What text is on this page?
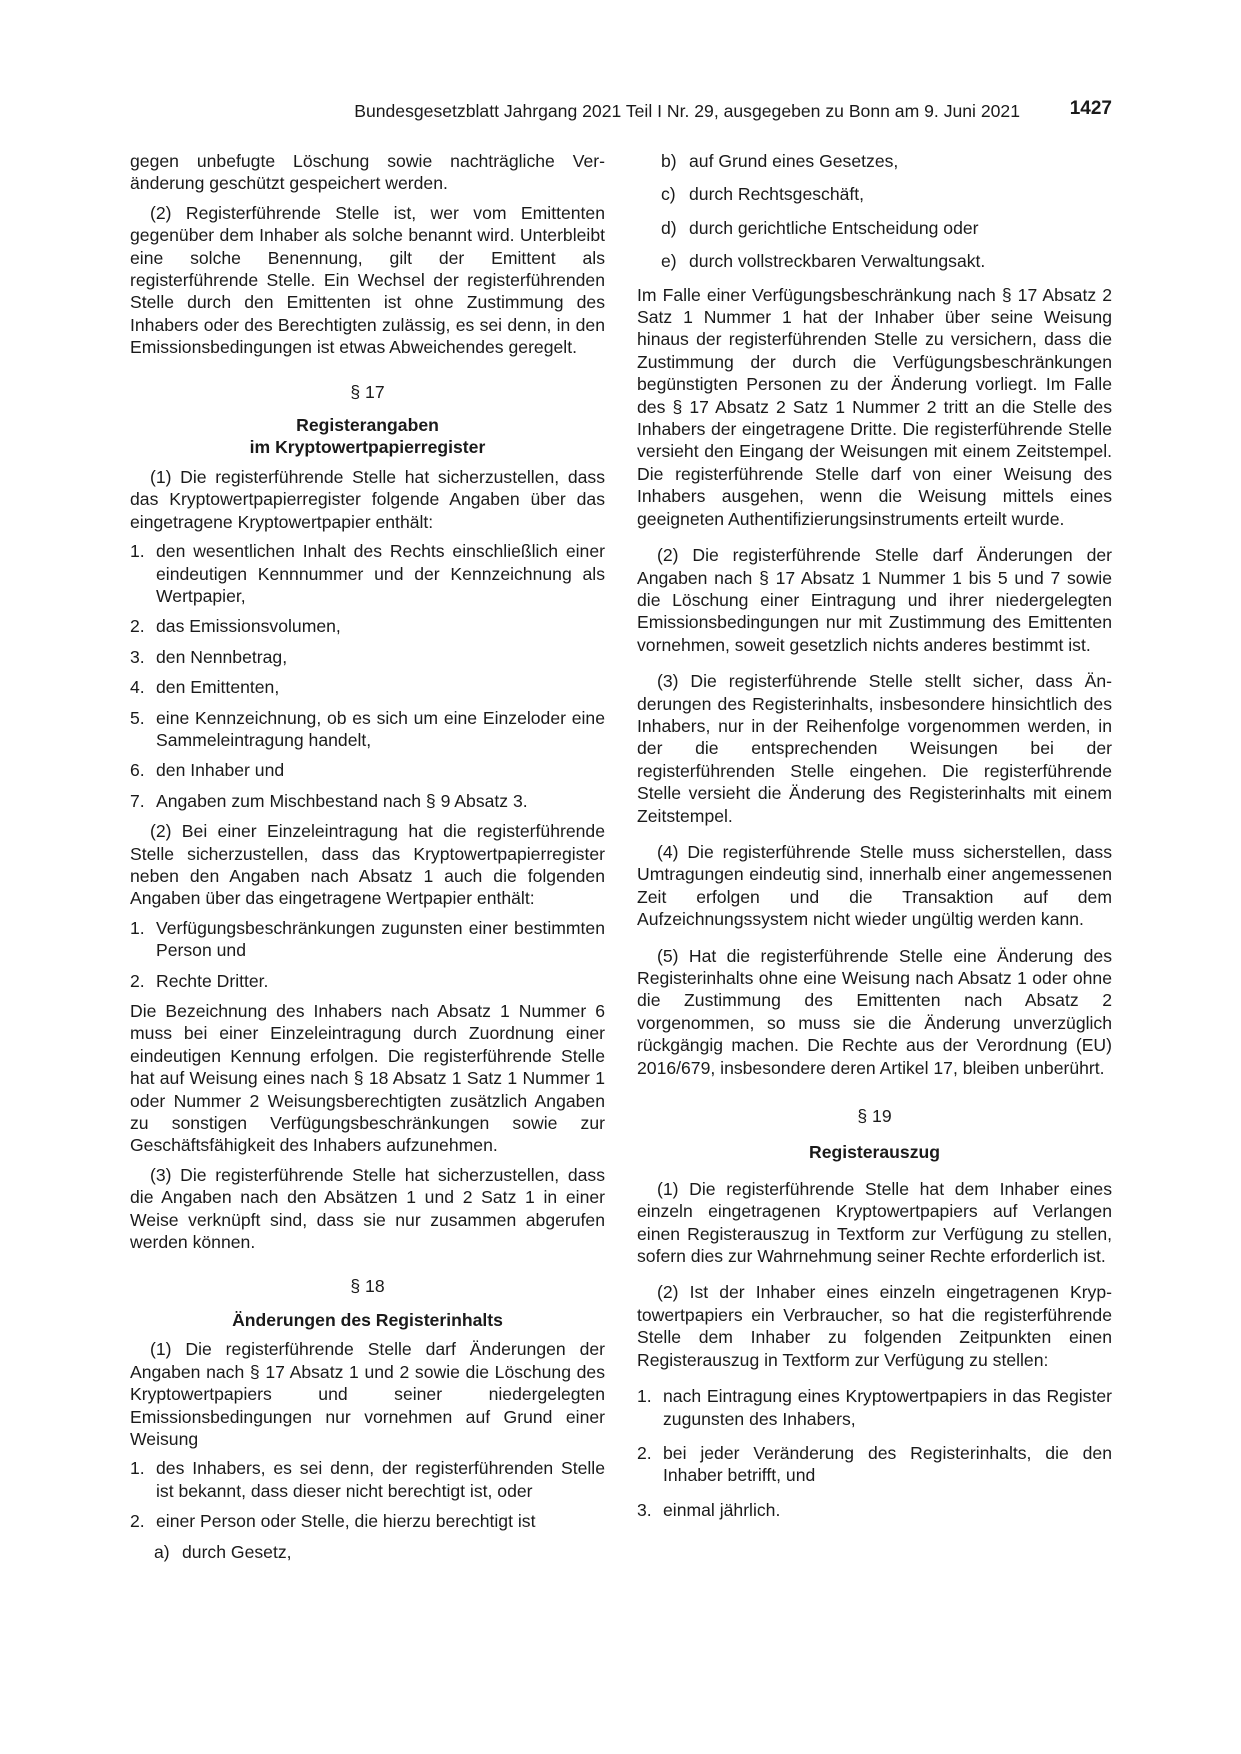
Bundesgesetzblatt Jahrgang 2021 Teil I Nr. 29, ausgegeben zu Bonn am 9. Juni 2021	1427

gegen unbefugte Löschung sowie nachträgliche Veränderung geschützt gespeichert werden.

(2) Registerführende Stelle ist, wer vom Emittenten gegenüber dem Inhaber als solche benannt wird. Unterbleibt eine solche Benennung, gilt der Emittent als registerführende Stelle. Ein Wechsel der registerführenden Stelle durch den Emittenten ist ohne Zustimmung des Inhabers oder des Berechtigten zulässig, es sei denn, in den Emissionsbedingungen ist etwas Abweichendes geregelt.

§ 17
Registerangaben
im Kryptowertpapierregister

(1) Die registerführende Stelle hat sicherzustellen, dass das Kryptowertpapierregister folgende Angaben über das eingetragene Kryptowertpapier enthält:

1. den wesentlichen Inhalt des Rechts einschließlich einer eindeutigen Kennnummer und der Kennzeichnung als Wertpapier,
2. das Emissionsvolumen,
3. den Nennbetrag,
4. den Emittenten,
5. eine Kennzeichnung, ob es sich um eine Einzeloder eine Sammeleintragung handelt,
6. den Inhaber und
7. Angaben zum Mischbestand nach § 9 Absatz 3.

(2) Bei einer Einzeleintragung hat die registerführende Stelle sicherzustellen, dass das Kryptowertpapierregister neben den Angaben nach Absatz 1 auch die folgenden Angaben über das eingetragene Wertpapier enthält:

1. Verfügungsbeschränkungen zugunsten einer bestimmten Person und
2. Rechte Dritter.

Die Bezeichnung des Inhabers nach Absatz 1 Nummer 6 muss bei einer Einzeleintragung durch Zuordnung einer eindeutigen Kennung erfolgen. Die registerführende Stelle hat auf Weisung eines nach § 18 Absatz 1 Satz 1 Nummer 1 oder Nummer 2 Weisungsberechtigten zusätzlich Angaben zu sonstigen Verfügungsbeschränkungen sowie zur Geschäftsfähigkeit des Inhabers aufzunehmen.

(3) Die registerführende Stelle hat sicherzustellen, dass die Angaben nach den Absätzen 1 und 2 Satz 1 in einer Weise verknüpft sind, dass sie nur zusammen abgerufen werden können.

§ 18
Änderungen des Registerinhalts

(1) Die registerführende Stelle darf Änderungen der Angaben nach § 17 Absatz 1 und 2 sowie die Löschung des Kryptowertpapiers und seiner niedergelegten Emissionsbedingungen nur vornehmen auf Grund einer Weisung

1. des Inhabers, es sei denn, der registerführenden Stelle ist bekannt, dass dieser nicht berechtigt ist, oder
2. einer Person oder Stelle, die hierzu berechtigt ist
a) durch Gesetz,
b) auf Grund eines Gesetzes,
c) durch Rechtsgeschäft,
d) durch gerichtliche Entscheidung oder
e) durch vollstreckbaren Verwaltungsakt.

Im Falle einer Verfügungsbeschränkung nach § 17 Absatz 2 Satz 1 Nummer 1 hat der Inhaber über seine Weisung hinaus der registerführenden Stelle zu versichern, dass die Zustimmung der durch die Verfügungsbeschränkungen begünstigten Personen zu der Änderung vorliegt. Im Falle des § 17 Absatz 2 Satz 1 Nummer 2 tritt an die Stelle des Inhabers der eingetragene Dritte. Die registerführende Stelle versieht den Eingang der Weisungen mit einem Zeitstempel. Die registerführende Stelle darf von einer Weisung des Inhabers ausgehen, wenn die Weisung mittels eines geeigneten Authentifizierungsinstruments erteilt wurde.

(2) Die registerführende Stelle darf Änderungen der Angaben nach § 17 Absatz 1 Nummer 1 bis 5 und 7 sowie die Löschung einer Eintragung und ihrer niedergelegten Emissionsbedingungen nur mit Zustimmung des Emittenten vornehmen, soweit gesetzlich nichts anderes bestimmt ist.

(3) Die registerführende Stelle stellt sicher, dass Änderungen des Registerinhalts, insbesondere hinsichtlich des Inhabers, nur in der Reihenfolge vorgenommen werden, in der die entsprechenden Weisungen bei der registerführenden Stelle eingehen. Die registerführende Stelle versieht die Änderung des Registerinhalts mit einem Zeitstempel.

(4) Die registerführende Stelle muss sicherstellen, dass Umtragungen eindeutig sind, innerhalb einer angemessenen Zeit erfolgen und die Transaktion auf dem Aufzeichnungssystem nicht wieder ungültig werden kann.

(5) Hat die registerführende Stelle eine Änderung des Registerinhalts ohne eine Weisung nach Absatz 1 oder ohne die Zustimmung des Emittenten nach Absatz 2 vorgenommen, so muss sie die Änderung unverzüglich rückgängig machen. Die Rechte aus der Verordnung (EU) 2016/679, insbesondere deren Artikel 17, bleiben unberührt.

§ 19
Registerauszug

(1) Die registerführende Stelle hat dem Inhaber eines einzeln eingetragenen Kryptowertpapiers auf Verlangen einen Registerauszug in Textform zur Verfügung zu stellen, sofern dies zur Wahrnehmung seiner Rechte erforderlich ist.

(2) Ist der Inhaber eines einzeln eingetragenen Kryptowertpapiers ein Verbraucher, so hat die registerführende Stelle dem Inhaber zu folgenden Zeitpunkten einen Registerauszug in Textform zur Verfügung zu stellen:

1. nach Eintragung eines Kryptowertpapiers in das Register zugunsten des Inhabers,
2. bei jeder Veränderung des Registerinhalts, die den Inhaber betrifft, und
3. einmal jährlich.
